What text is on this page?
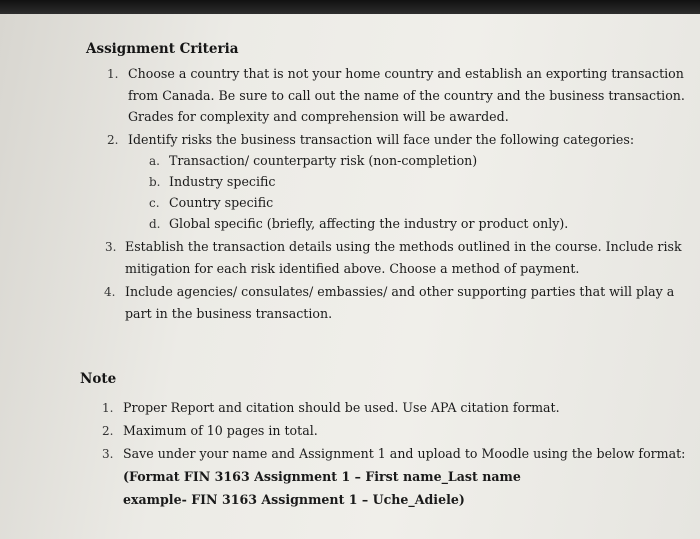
Assignment Criteria
1. Choose a country that is not your home country and establish an exporting transaction
from Canada. Be sure to call out the name of the country and the business transaction.
Grades for complexity and comprehension will be awarded.
2. Identify risks the business transaction will face under the following categories:
a. Transaction/ counterparty risk (non-completion)
b. Industry specific
c. Country specific
d. Global specific (briefly, affecting the industry or product only).
3. Establish the transaction details using the methods outlined in the course. Include risk
mitigation for each risk identified above. Choose a method of payment.
4. Include agencies/ consulates/ embassies/ and other supporting parties that will play a
part in the business transaction.
Note
1. Proper Report and citation should be used. Use APA citation format.
2. Maximum of 10 pages in total.
3. Save under your name and Assignment 1 and upload to Moodle using the below format:
(Format FIN 3163 Assignment 1 – First name_Last name
example- FIN 3163 Assignment 1 – Uche_Adiele)
